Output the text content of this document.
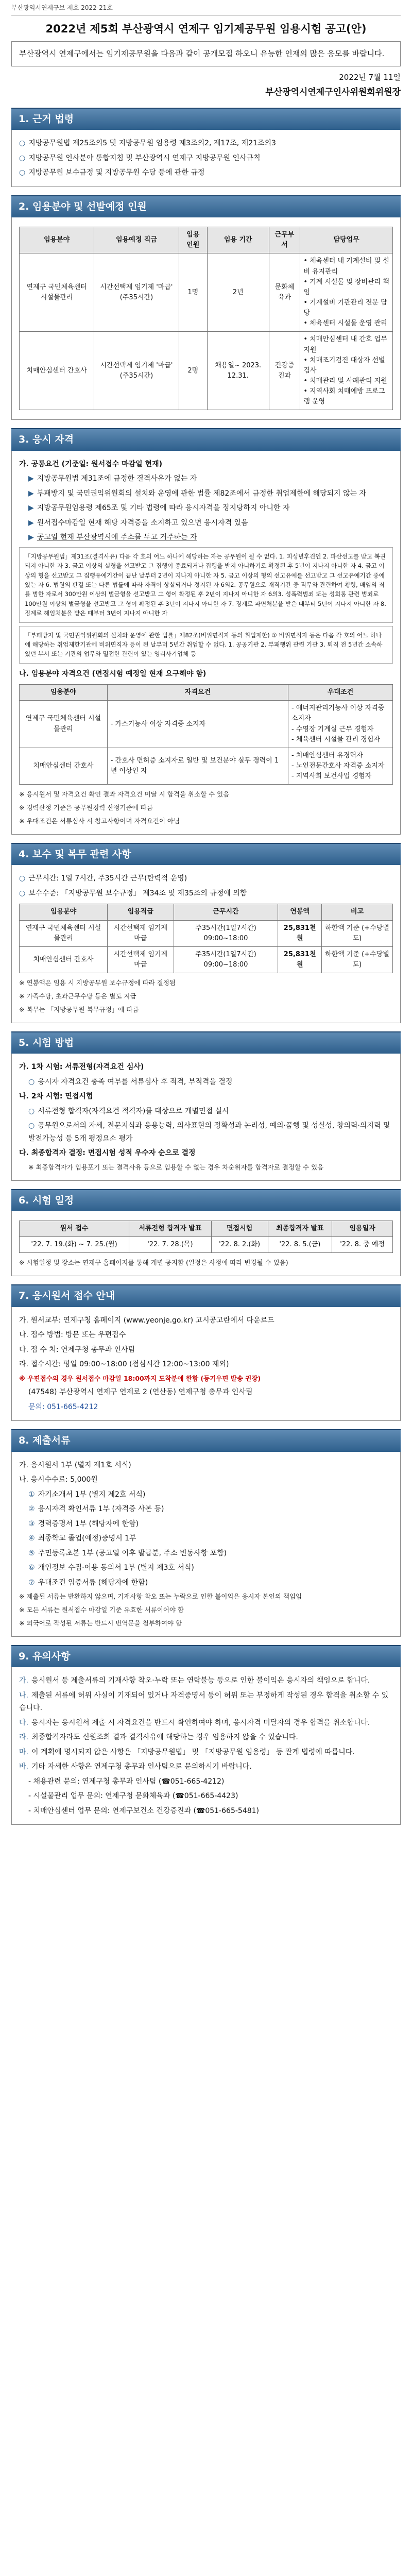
부산광역시연제구보 제호 2022-21호
2022년 제5회 부산광역시 연제구 임기제공무원 임용시험 공고(안)
부산광역시 연제구에서는 임기제공무원을 다음과 같이 공개모집 하오니 유능한 인재의 많은 응모를 바랍니다.
2022년 7월 11일
부산광역시연제구인사위원회위원장
1. 근거 법령

○ 지방공무원법 제25조의5 및 지방공무원 임용령 제3조의2, 제17조, 제21조의3

○ 지방공무원 인사분야 통합지침 및 부산광역시 연제구 지방공무원 인사규칙

○ 지방공무원 보수규정 및 지방공무원 수당 등에 관한 규정

2. 임용분야 및 선발예정 인원
임용분야	임용예정 직급	임용 인원	임용 기간	근무부서	담당업무
연제구 국민체육센터 시설물관리	시간선택제 임기제 '마급' (주35시간)	1명	2년	문화체육과	• 체육센터 내 기계설비 및 설비 유지관리
• 기계 시설물 및 장비관리 책임
• 기계설비 기관관리 전문 담당
• 체육센터 시설물 운영 관리
치매안심센터 간호사	시간선택제 임기제 '마급' (주35시간)	2명	채용일~ 2023. 12.31.	건강증진과	• 치매안심센터 내 간호 업무 지원
• 치매조기검진 대상자 선별검사
• 치매관리 및 사례관리 지원
• 지역사회 치매예방 프로그램 운영
3. 응시 자격

가. 공통요건 (기준일: 원서접수 마감일 현재)

▶ 지방공무원법 제31조에 규정한 결격사유가 없는 자

▶ 부패방지 및 국민권익위원회의 설치와 운영에 관한 법률 제82조에서 규정한 취업제한에 해당되지 않는 자

▶ 지방공무원임용령 제65조 및 기타 법령에 따라 응시자격을 정지당하지 아니한 자

▶ 원서접수마감일 현재 해당 자격증을 소지하고 있으면 응시자격 있음

▶ 공고일 현재 부산광역시에 주소를 두고 거주하는 자

「지방공무원법」제31조(결격사유) 다음 각 호의 어느 하나에 해당하는 자는 공무원이 될 수 없다. 1. 피성년후견인 2. 파산선고를 받고 복권되지 아니한 자 3. 금고 이상의 실형을 선고받고 그 집행이 종료되거나 집행을 받지 아니하기로 확정된 후 5년이 지나지 아니한 자 4. 금고 이상의 형을 선고받고 그 집행유예기간이 끝난 날부터 2년이 지나지 아니한 자 5. 금고 이상의 형의 선고유예를 선고받고 그 선고유예기간 중에 있는 자 6. 법원의 판결 또는 다른 법률에 따라 자격이 상실되거나 정지된 자 6의2. 공무원으로 재직기간 중 직무와 관련하여 횡령, 배임의 죄를 범한 자로서 300만원 이상의 벌금형을 선고받고 그 형이 확정된 후 2년이 지나지 아니한 자 6의3. 성폭력범죄 또는 성희롱 관련 범죄로 100만원 이상의 벌금형을 선고받고 그 형이 확정된 후 3년이 지나지 아니한 자 7. 징계로 파면처분을 받은 때부터 5년이 지나지 아니한 자 8. 징계로 해임처분을 받은 때부터 3년이 지나지 아니한 자
「부패방지 및 국민권익위원회의 설치와 운영에 관한 법률」제82조(비위면직자 등의 취업제한) ① 비위면직자 등은 다음 각 호의 어느 하나에 해당하는 취업제한기관에 비위면직자 등이 된 날부터 5년간 취업할 수 없다. 1. 공공기관 2. 부패행위 관련 기관 3. 퇴직 전 5년간 소속하였던 부서 또는 기관의 업무와 밀접한 관련이 있는 영리사기업체 등

나. 임용분야 자격요건 (면접시험 예정일 현재 요구해야 함)

임용분야	자격요건	우대조건
연제구 국민체육센터 시설물관리	- 가스기능사 이상 자격증 소지자	- 에너지관리기능사 이상 자격증 소지자
- 수영장 기계실 근무 경험자
- 체육센터 시설물 관리 경험자
치매안심센터 간호사	- 간호사 면허증 소지자로 일반 및 보건분야 실무 경력이 1년 이상인 자	- 치매안심센터 유경력자
- 노인전문간호사 자격증 소지자
- 지역사회 보건사업 경험자

※ 응시원서 및 자격요건 확인 결과 자격요건 미달 시 합격을 취소할 수 있음

※ 경력산정 기준은 공무원경력 산정기준에 따름

※ 우대조건은 서류심사 시 참고사항이며 자격요건이 아님

4. 보수 및 복무 관련 사항

○ 근무시간: 1일 7시간, 주35시간 근무(탄력적 운영)

○ 보수수준: 「지방공무원 보수규정」 제34조 및 제35조의 규정에 의함

임용분야	임용직급	근무시간	연봉액	비고
연제구 국민체육센터 시설물관리	시간선택제 임기제 마급	주35시간(1일7시간) 09:00~18:00	25,831천원	하한액 기준 (+수당별도)
치매안심센터 간호사	시간선택제 임기제 마급	주35시간(1일7시간) 09:00~18:00	25,831천원	하한액 기준 (+수당별도)

※ 연봉액은 임용 시 지방공무원 보수규정에 따라 결정됨

※ 가족수당, 초과근무수당 등은 별도 지급

※ 복무는 「지방공무원 복무규정」에 따름

5. 시험 방법

가. 1차 시험: 서류전형(자격요건 심사)

○ 응시자 자격요건 충족 여부를 서류심사 후 적격, 부적격을 결정

나. 2차 시험: 면접시험

○ 서류전형 합격자(자격요건 적격자)를 대상으로 개별면접 실시

○ 공무원으로서의 자세, 전문지식과 응용능력, 의사표현의 정확성과 논리성, 예의·품행 및 성실성, 창의력·의지력 및 발전가능성 등 5개 평정요소 평가

다. 최종합격자 결정: 면접시험 성적 우수자 순으로 결정

※ 최종합격자가 임용포기 또는 결격사유 등으로 임용할 수 없는 경우 차순위자를 합격자로 결정할 수 있음

6. 시험 일정
원서 접수	서류전형 합격자 발표	면접시험	최종합격자 발표	임용일자
'22. 7. 19.(화) ~ 7. 25.(월)	'22. 7. 28.(목)	'22. 8. 2.(화)	'22. 8. 5.(금)	'22. 8. 중 예정

※ 시험일정 및 장소는 연제구 홈페이지를 통해 개별 공지함 (일정은 사정에 따라 변경될 수 있음)

7. 응시원서 접수 안내

가. 원서교부: 연제구청 홈페이지 (www.yeonje.go.kr) 고시공고란에서 다운로드

나. 접수 방법: 방문 또는 우편접수

다. 접 수 처: 연제구청 총무과 인사팀

라. 접수시간: 평일 09:00~18:00 (점심시간 12:00~13:00 제외)

※ 우편접수의 경우 원서접수 마감일 18:00까지 도착분에 한함 (등기우편 발송 권장)

(47548) 부산광역시 연제구 연제로 2 (연산동) 연제구청 총무과 인사팀

문의: 051-665-4212

8. 제출서류

가. 응시원서 1부 (별지 제1호 서식)

나. 응시수수료: 5,000원

① 자기소개서 1부 (별지 제2호 서식)

② 응시자격 확인서류 1부 (자격증 사본 등)

③ 경력증명서 1부 (해당자에 한함)

④ 최종학교 졸업(예정)증명서 1부

⑤ 주민등록초본 1부 (공고일 이후 발급분, 주소 변동사항 포함)

⑥ 개인정보 수집·이용 동의서 1부 (별지 제3호 서식)

⑦ 우대조건 입증서류 (해당자에 한함)

※ 제출된 서류는 반환하지 않으며, 기재사항 착오 또는 누락으로 인한 불이익은 응시자 본인의 책임임

※ 모든 서류는 원서접수 마감일 기준 유효한 서류이어야 함

※ 외국어로 작성된 서류는 반드시 번역문을 첨부하여야 함

9. 유의사항

가. 응시원서 등 제출서류의 기재사항 착오·누락 또는 연락불능 등으로 인한 불이익은 응시자의 책임으로 합니다.

나. 제출된 서류에 허위 사실이 기재되어 있거나 자격증명서 등이 허위 또는 부정하게 작성된 경우 합격을 취소할 수 있습니다.

다. 응시자는 응시원서 제출 시 자격요건을 반드시 확인하여야 하며, 응시자격 미달자의 경우 합격을 취소합니다.

라. 최종합격자라도 신원조회 결과 결격사유에 해당하는 경우 임용하지 않을 수 있습니다.

마. 이 계획에 명시되지 않은 사항은 「지방공무원법」 및 「지방공무원 임용령」 등 관계 법령에 따릅니다.

바. 기타 자세한 사항은 연제구청 총무과 인사팀으로 문의하시기 바랍니다.

- 채용관련 문의: 연제구청 총무과 인사팀 (☎051-665-4212)

- 시설물관리 업무 문의: 연제구청 문화체육과 (☎051-665-4423)

- 치매안심센터 업무 문의: 연제구보건소 건강증진과 (☎051-665-5481)
